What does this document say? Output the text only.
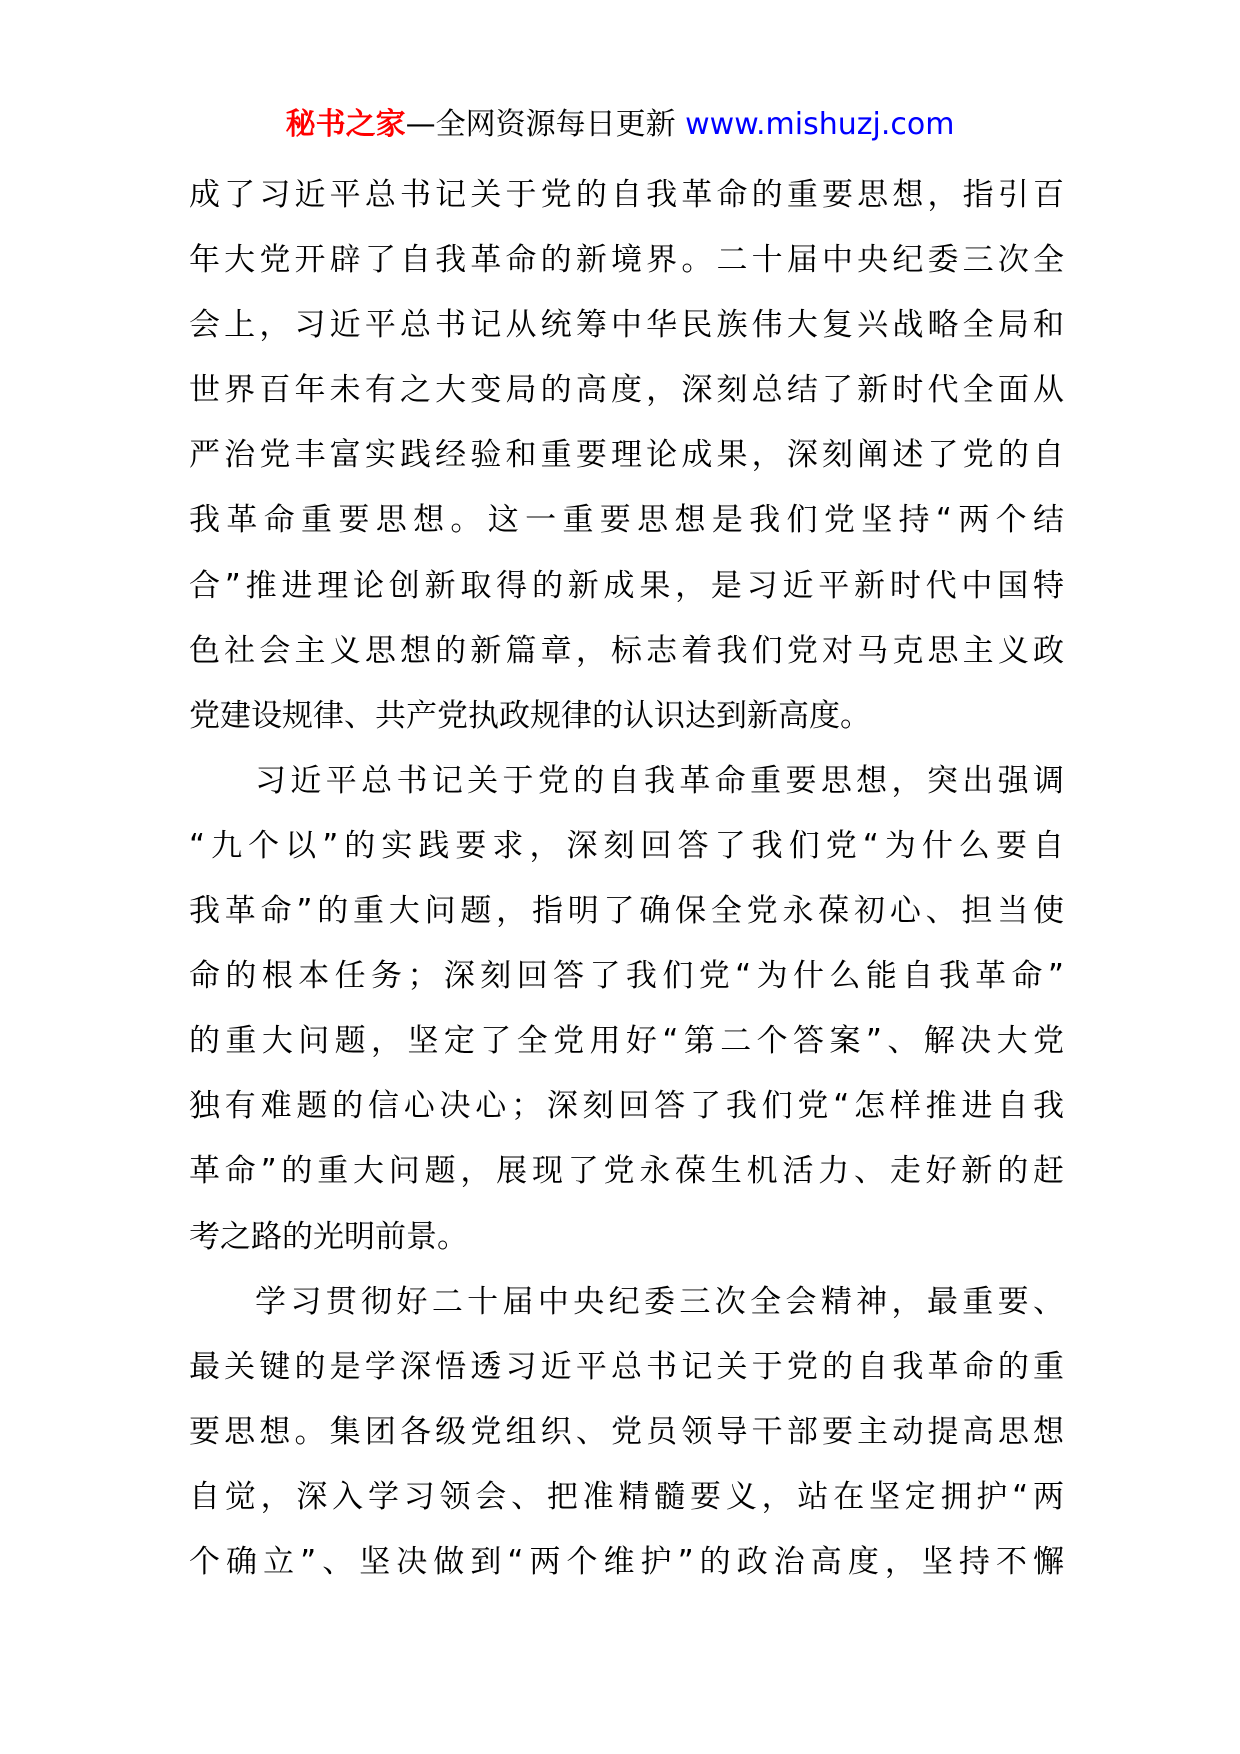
秘书之家—全网资源每日更新 www.mishuzj.com
成了习近平总书记关于党的自我革命的重要思想，指引百
年大党开辟了自我革命的新境界。二十届中央纪委三次全
会上，习近平总书记从统筹中华民族伟大复兴战略全局和
世界百年未有之大变局的高度，深刻总结了新时代全面从
严治党丰富实践经验和重要理论成果，深刻阐述了党的自
我革命重要思想。这一重要思想是我们党坚持“两个结
合”推进理论创新取得的新成果，是习近平新时代中国特
色社会主义思想的新篇章，标志着我们党对马克思主义政
党建设规律、共产党执政规律的认识达到新高度。
习近平总书记关于党的自我革命重要思想，突出强调
“九个以”的实践要求，深刻回答了我们党“为什么要自
我革命”的重大问题，指明了确保全党永葆初心、担当使
命的根本任务；深刻回答了我们党“为什么能自我革命”
的重大问题，坚定了全党用好“第二个答案”、解决大党
独有难题的信心决心；深刻回答了我们党“怎样推进自我
革命”的重大问题，展现了党永葆生机活力、走好新的赶
考之路的光明前景。
学习贯彻好二十届中央纪委三次全会精神，最重要、
最关键的是学深悟透习近平总书记关于党的自我革命的重
要思想。集团各级党组织、党员领导干部要主动提高思想
自觉，深入学习领会、把准精髓要义，站在坚定拥护“两
个确立”、坚决做到“两个维护”的政治高度，坚持不懈
